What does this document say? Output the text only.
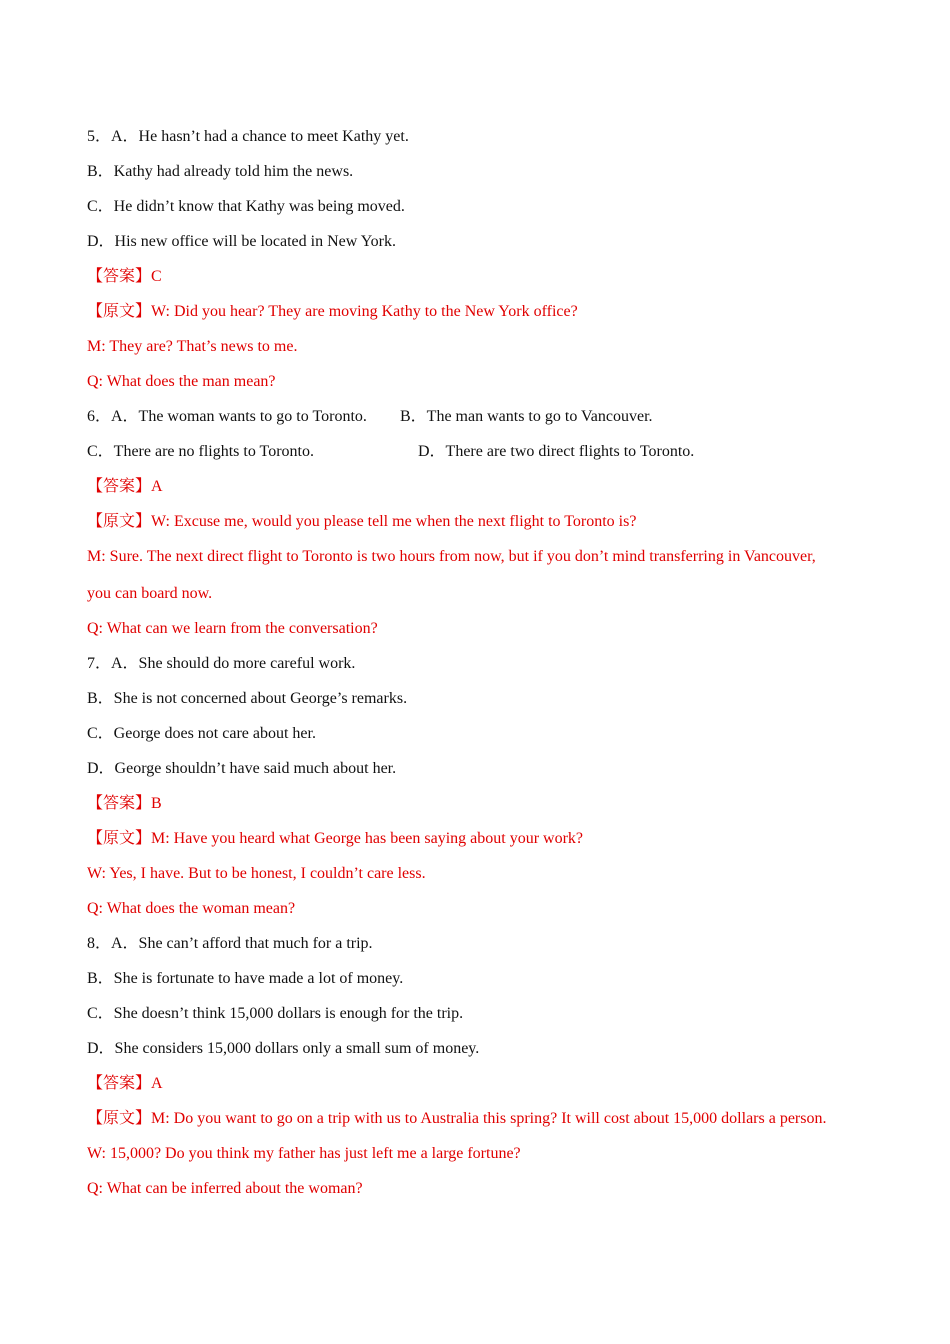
5．A．He hasn’t had a chance to meet Kathy yet.
B．Kathy had already told him the news.
C．He didn’t know that Kathy was being moved.
D．His new office will be located in New York.
【答案】C
【原文】W: Did you hear? They are moving Kathy to the New York office?
M: They are? That’s news to me.
Q: What does the man mean?
6．A．The woman wants to go to Toronto. B．The man wants to go to Vancouver.
C．There are no flights to Toronto.	D．There are two direct flights to Toronto.
【答案】A
【原文】W: Excuse me, would you please tell me when the next flight to Toronto is?
M: Sure. The next direct flight to Toronto is two hours from now, but if you don’t mind transferring in Vancouver,
you can board now.
Q: What can we learn from the conversation?
7．A．She should do more careful work.
B．She is not concerned about George’s remarks.
C．George does not care about her.
D．George shouldn’t have said much about her.
【答案】B
【原文】M: Have you heard what George has been saying about your work?
W: Yes, I have. But to be honest, I couldn’t care less.
Q: What does the woman mean?
8．A．She can’t afford that much for a trip.
B．She is fortunate to have made a lot of money.
C．She doesn’t think 15,000 dollars is enough for the trip.
D．She considers 15,000 dollars only a small sum of money.
【答案】A
【原文】M: Do you want to go on a trip with us to Australia this spring? It will cost about 15,000 dollars a person.
W: 15,000? Do you think my father has just left me a large fortune?
Q: What can be inferred about the woman?
